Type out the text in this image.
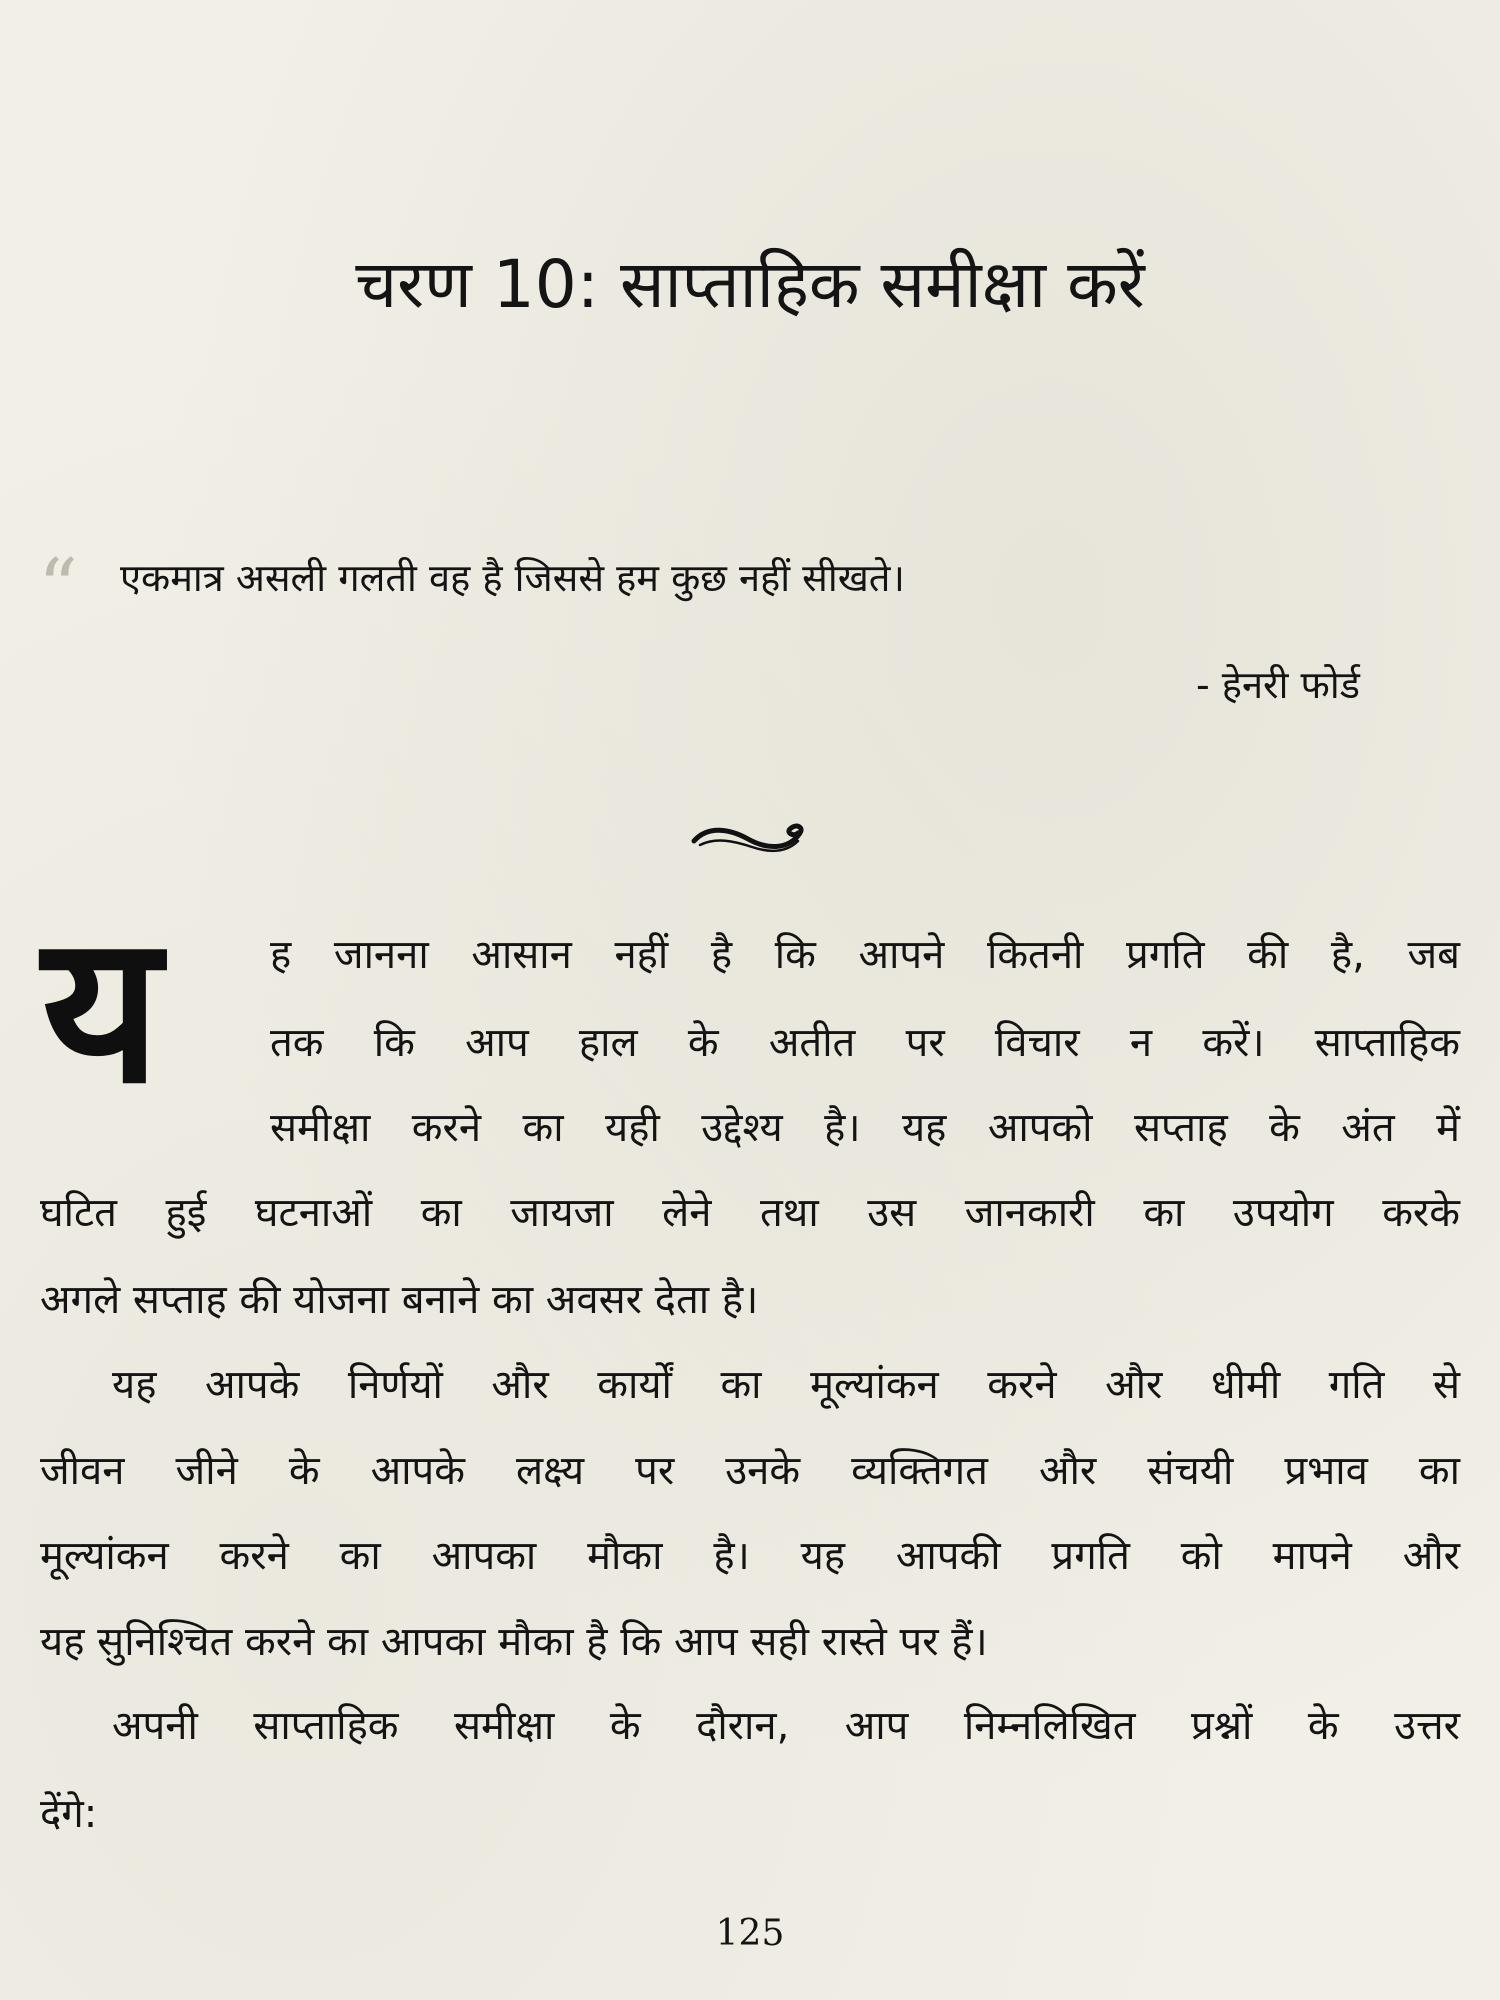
चरण 10: साप्ताहिक समीक्षा करें
“ एकमात्र असली गलती वह है जिससे हम कुछ नहीं सीखते।

- हेनरी फोर्ड
य	ह जानना आसान नहीं है कि आपने कितनी प्रगति की है, जब
तक कि आप हाल के अतीत पर विचार न करें। साप्ताहिक
समीक्षा करने का यही उद्देश्य है। यह आपको सप्ताह के अंत में
घटित हुई घटनाओं का जायजा लेने तथा उस जानकारी का उपयोग करके
अगले सप्ताह की योजना बनाने का अवसर देता है।
यह आपके निर्णयों और कार्यों का मूल्यांकन करने और धीमी गति से
जीवन जीने के आपके लक्ष्य पर उनके व्यक्तिगत और संचयी प्रभाव का
मूल्यांकन करने का आपका मौका है। यह आपकी प्रगति को मापने और
यह सुनिश्चित करने का आपका मौका है कि आप सही रास्ते पर हैं।
अपनी साप्ताहिक समीक्षा के दौरान, आप निम्नलिखित प्रश्नों के उत्तर
देंगे:
125
